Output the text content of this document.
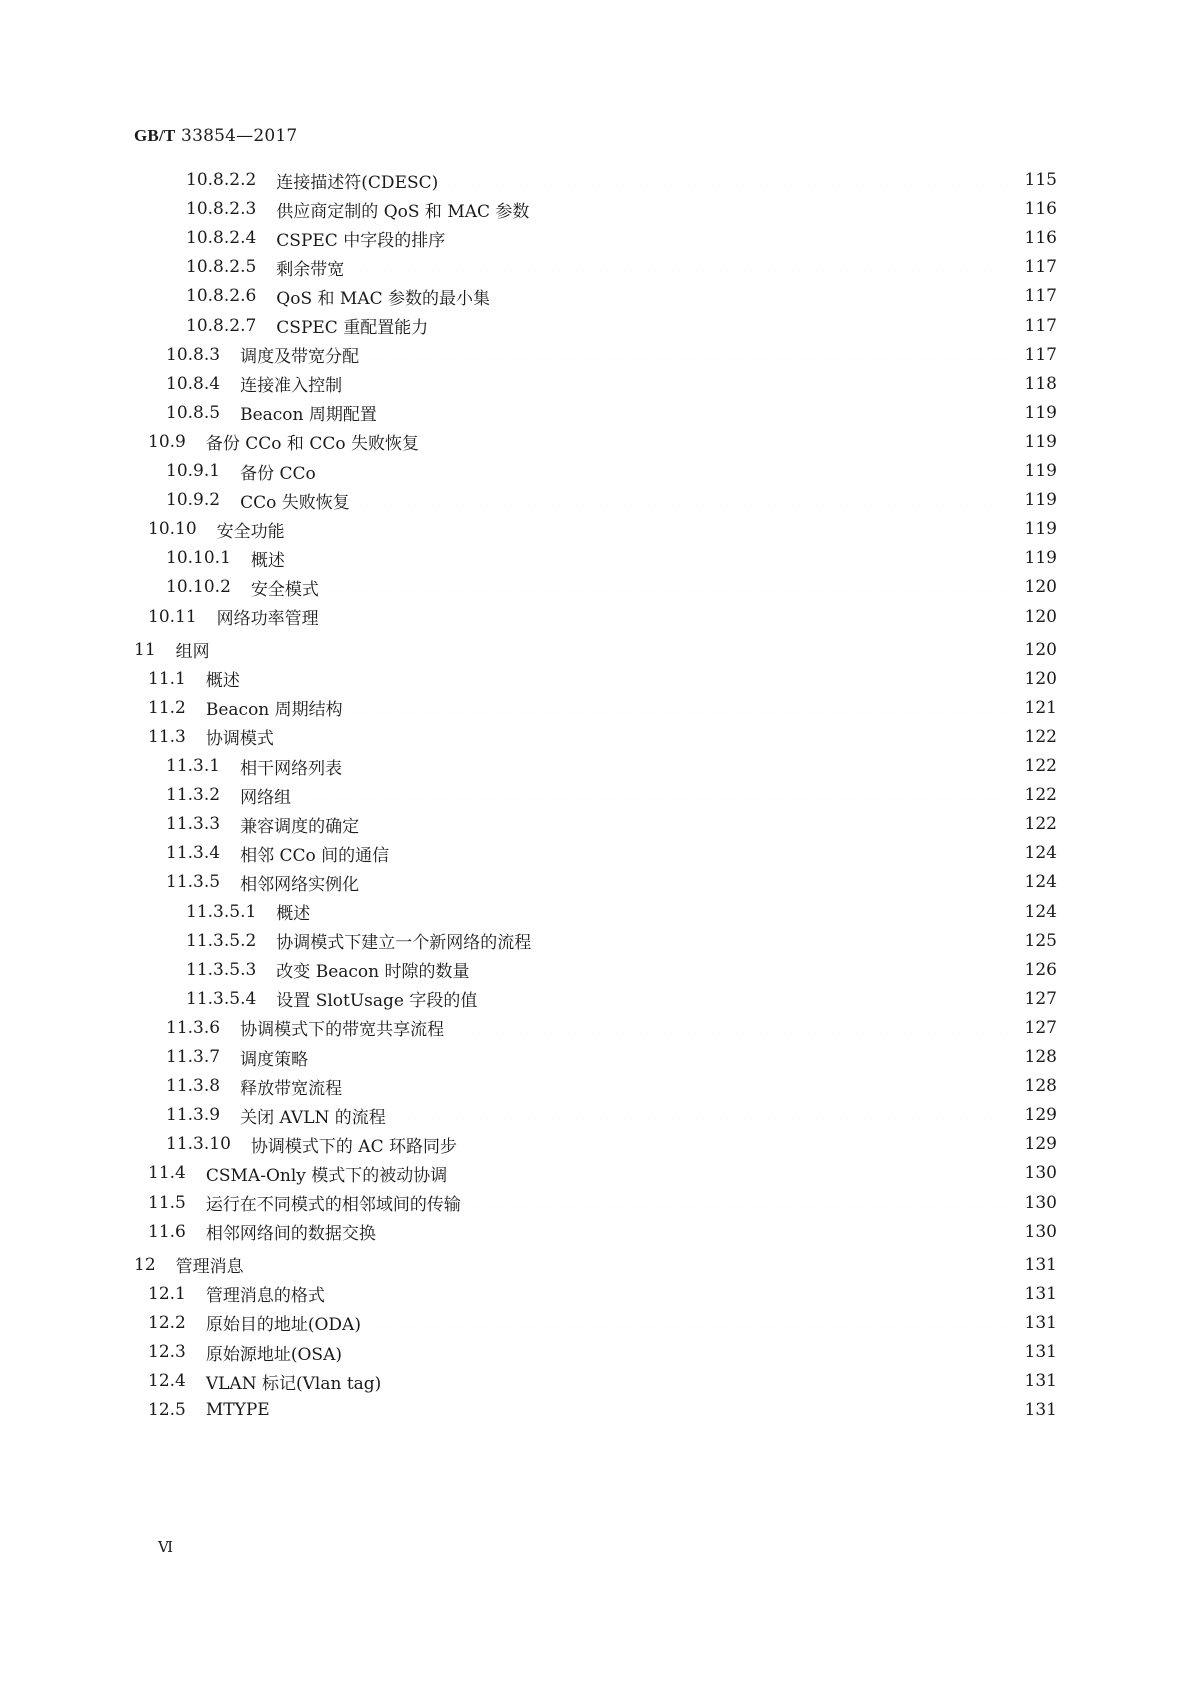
GB/T 33854—2017
10.8.2.2	连接描述符(CDESC)	115
10.8.2.3	供应商定制的 QoS 和 MAC 参数	116
10.8.2.4	CSPEC 中字段的排序	116
10.8.2.5	剩余带宽	117
10.8.2.6	QoS 和 MAC 参数的最小集	117
10.8.2.7	CSPEC 重配置能力	117
10.8.3	调度及带宽分配	117
10.8.4	连接准入控制	118
10.8.5	Beacon 周期配置	119
10.9	备份 CCo 和 CCo 失败恢复	119
10.9.1	备份 CCo	119
10.9.2	CCo 失败恢复	119
10.10	安全功能	119
10.10.1	概述	119
10.10.2	安全模式	120
10.11	网络功率管理	120
11	组网	120
11.1	概述	120
11.2	Beacon 周期结构	121
11.3	协调模式	122
11.3.1	相干网络列表	122
11.3.2	网络组	122
11.3.3	兼容调度的确定	122
11.3.4	相邻 CCo 间的通信	124
11.3.5	相邻网络实例化	124
11.3.5.1	概述	124
11.3.5.2	协调模式下建立一个新网络的流程	125
11.3.5.3	改变 Beacon 时隙的数量	126
11.3.5.4	设置 SlotUsage 字段的值	127
11.3.6	协调模式下的带宽共享流程	127
11.3.7	调度策略	128
11.3.8	释放带宽流程	128
11.3.9	关闭 AVLN 的流程	129
11.3.10	协调模式下的 AC 环路同步	129
11.4	CSMA-Only 模式下的被动协调	130
11.5	运行在不同模式的相邻域间的传输	130
11.6	相邻网络间的数据交换	130
12	管理消息	131
12.1	管理消息的格式	131
12.2	原始目的地址(ODA)	131
12.3	原始源地址(OSA)	131
12.4	VLAN 标记(Vlan tag)	131
12.5	MTYPE	131
Ⅵ
